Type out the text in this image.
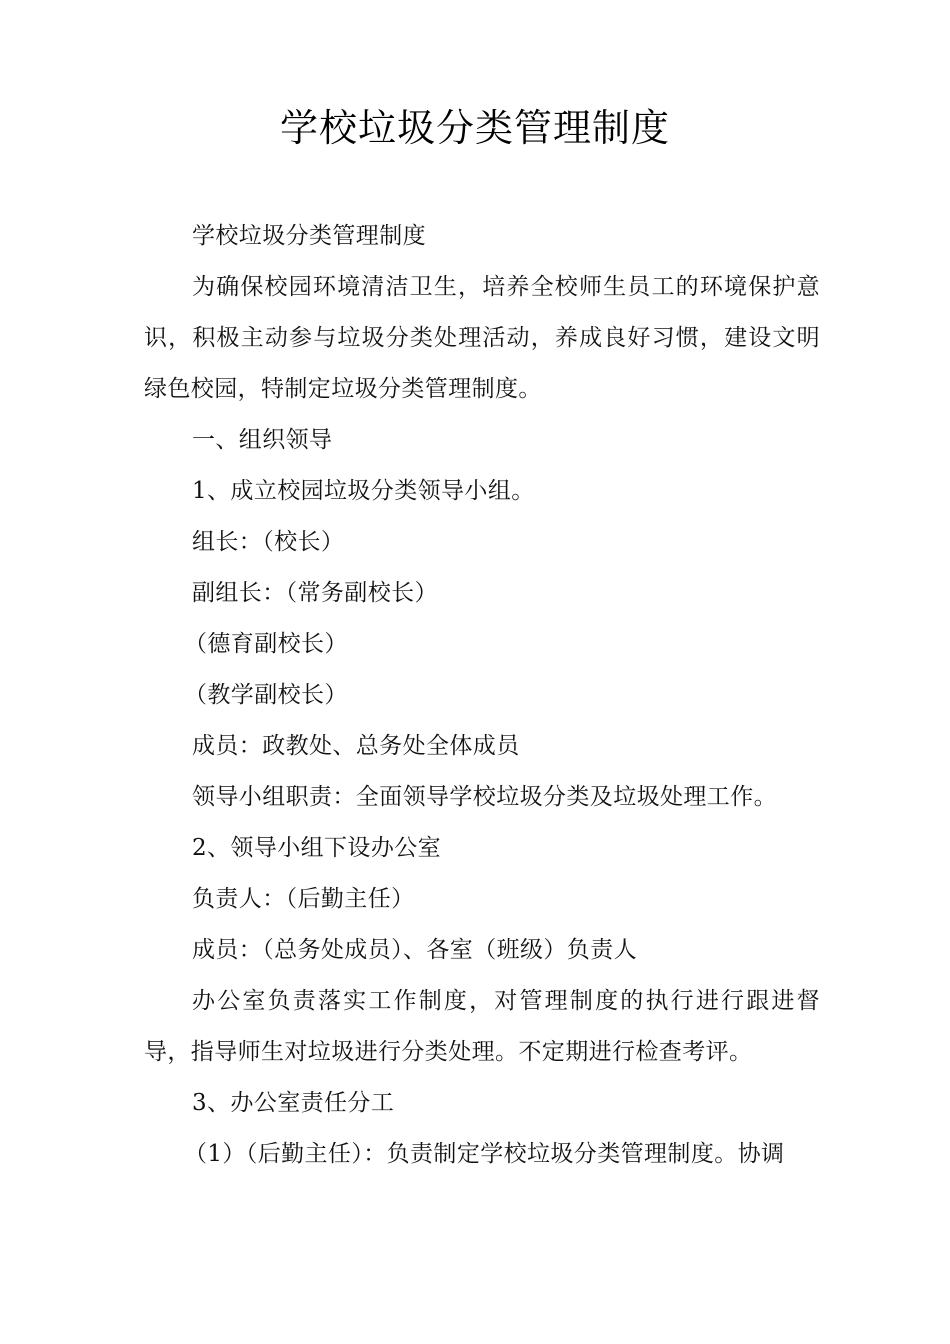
学校垃圾分类管理制度

学校垃圾分类管理制度

为确保校园环境清洁卫生，培养全校师生员工的环境保护意识，积极主动参与垃圾分类处理活动，养成良好习惯，建设文明绿色校园，特制定垃圾分类管理制度。

一、组织领导

1、成立校园垃圾分类领导小组。

组长：（校长）

副组长：（常务副校长）

（德育副校长）

（教学副校长）

成员：政教处、总务处全体成员

领导小组职责：全面领导学校垃圾分类及垃圾处理工作。

2、领导小组下设办公室

负责人：（后勤主任）

成员：（总务处成员）、各室（班级）负责人

办公室负责落实工作制度，对管理制度的执行进行跟进督导，指导师生对垃圾进行分类处理。不定期进行检查考评。

3、办公室责任分工

（1）（后勤主任）：负责制定学校垃圾分类管理制度。协调
